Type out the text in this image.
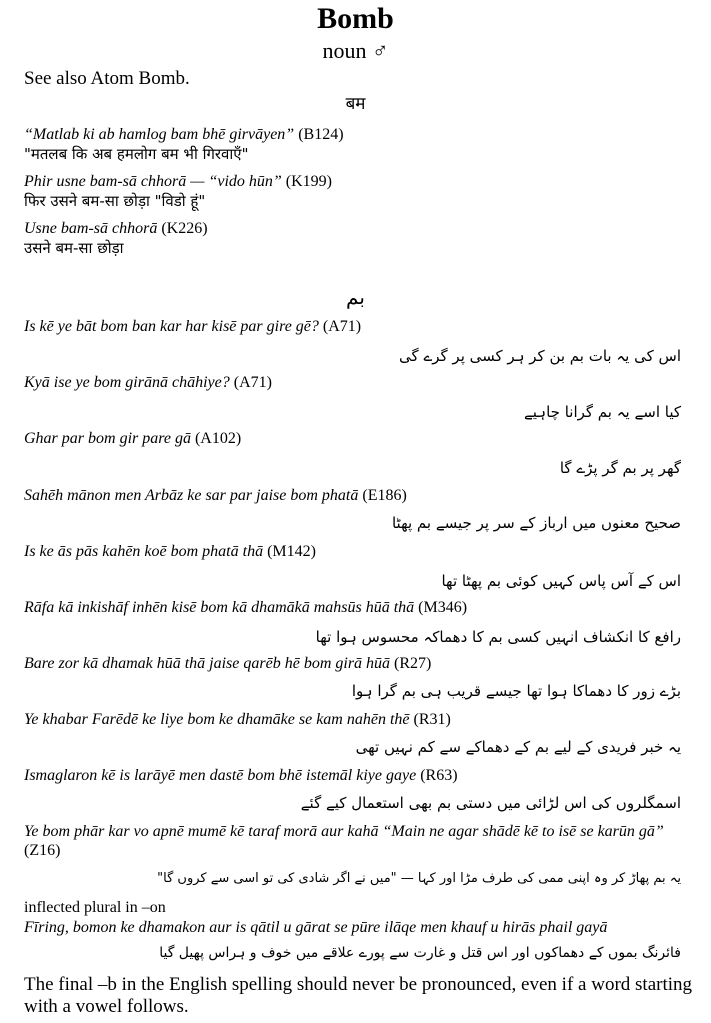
Bomb
noun ♂
See also Atom Bomb.
बम
“Matlab ki ab hamlog bam bhē girvāyen” (B124)
"मतलब कि अब हमलोग बम भी गिरवाएँ"
Phir usne bam-sā chhorā — “vido hūn” (K199)
फिर उसने बम-सा छोड़ा "विडो हूं"
Usne bam-sā chhorā (K226)
उसने बम-सा छोड़ा
بم
Is kē ye bāt bom ban kar har kisē par gire gē? (A71)
اس کی یہ بات بم بن کر ہر کسی پر گرے گی
Kyā ise ye bom girānā chāhiye? (A71)
کیا اسے یہ بم گرانا چاہیے
Ghar par bom gir pare gā (A102)
گھر پر بم گر پڑے گا
Sahēh mānon men Arbāz ke sar par jaise bom phatā (E186)
صحیح معنوں میں ارباز کے سر پر جیسے بم پھٹا
Is ke ās pās kahēn koē bom phatā thā (M142)
اس کے آس پاس کہیں کوئی بم پھٹا تھا
Rāfa kā inkishāf inhēn kisē bom kā dhamākā mahsūs hūā thā (M346)
رافع کا انکشاف انہیں کسی بم کا دھماکہ محسوس ہوا تھا
Bare zor kā dhamak hūā thā jaise qarēb hē bom girā hūā (R27)
بڑے زور کا دھماکا ہوا تھا جیسے قریب ہی بم گرا ہوا
Ye khabar Farēdē ke liye bom ke dhamāke se kam nahēn thē (R31)
یہ خبر فریدی کے لیے بم کے دھماکے سے کم نہیں تھی
Ismaglaron kē is larāyē men dastē bom bhē istemāl kiye gaye (R63)
اسمگلروں کی اس لڑائی میں دستی بم بھی استعمال کیے گئے
Ye bom phār kar vo apnē mumē kē taraf morā aur kahā “Main ne agar shādē kē to isē se karūn gā” (Z16)
یہ بم پھاڑ کر وہ اپنی ممی کی طرف مڑا اور کہا — "میں نے اگر شادی کی تو اسی سے کروں گا"
inflected plural in –on
Fīring, bomon ke dhamakon aur is qātil u gārat se pūre ilāqe men khauf u hirās phail gayā
فائرنگ بموں کے دھماکوں اور اس قتل و غارت سے پورے علاقے میں خوف و ہراس پھیل گیا
The final –b in the English spelling should never be pronounced, even if a word starting with a vowel follows.
